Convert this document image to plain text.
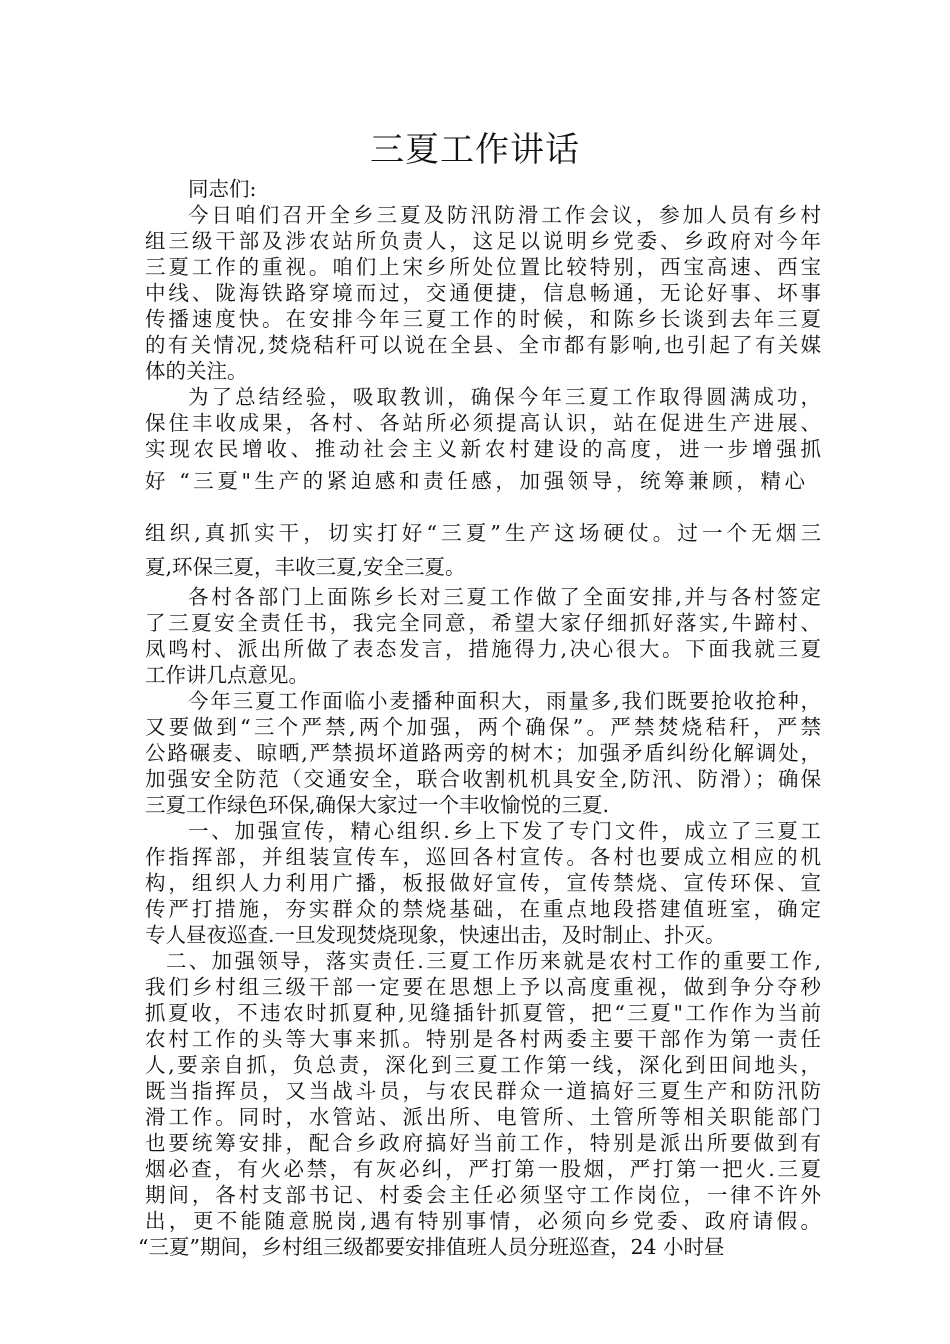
三夏工作讲话
同志们:
今日咱们召开全乡三夏及防汛防滑工作会议，参加人员有乡村
组三级干部及涉农站所负责人，这足以说明乡党委、乡政府对今年
三夏工作的重视。咱们上宋乡所处位置比较特别，西宝高速、西宝
中线、陇海铁路穿境而过，交通便捷，信息畅通，无论好事、坏事
传播速度快。在安排今年三夏工作的时候，和陈乡长谈到去年三夏
的有关情况,焚烧秸秆可以说在全县、全市都有影响,也引起了有关媒
体的关注。
为了总结经验，吸取教训，确保今年三夏工作取得圆满成功，
保住丰收成果，各村、各站所必须提高认识，站在促进生产进展、
实现农民增收、推动社会主义新农村建设的高度，进一步增强抓
好 “三夏"生产的紧迫感和责任感，加强领导，统筹兼顾，精心
组织,真抓实干，切实打好“三夏”生产这场硬仗。过一个无烟三
夏,环保三夏，丰收三夏,安全三夏。
各村各部门上面陈乡长对三夏工作做了全面安排,并与各村签定
了三夏安全责任书，我完全同意，希望大家仔细抓好落实,牛蹄村、
凤鸣村、派出所做了表态发言，措施得力,决心很大。下面我就三夏
工作讲几点意见。
今年三夏工作面临小麦播种面积大，雨量多,我们既要抢收抢种，
又要做到“三个严禁,两个加强，两个确保”。严禁焚烧秸秆，严禁
公路碾麦、晾晒,严禁损坏道路两旁的树木；加强矛盾纠纷化解调处，
加强安全防范（交通安全，联合收割机机具安全,防汛、防滑）；确保
三夏工作绿色环保,确保大家过一个丰收愉悦的三夏.
一、加强宣传，精心组织.乡上下发了专门文件，成立了三夏工
作指挥部，并组装宣传车，巡回各村宣传。各村也要成立相应的机
构，组织人力利用广播，板报做好宣传，宣传禁烧、宣传环保、宣
传严打措施，夯实群众的禁烧基础，在重点地段搭建值班室，确定
专人昼夜巡查.一旦发现焚烧现象，快速出击，及时制止、扑灭。
二、加强领导，落实责任.三夏工作历来就是农村工作的重要工作,
我们乡村组三级干部一定要在思想上予以高度重视，做到争分夺秒
抓夏收，不违农时抓夏种,见缝插针抓夏管，把“三夏"工作作为当前
农村工作的头等大事来抓。特别是各村两委主要干部作为第一责任
人,要亲自抓，负总责，深化到三夏工作第一线，深化到田间地头，
既当指挥员，又当战斗员，与农民群众一道搞好三夏生产和防汛防
滑工作。同时，水管站、派出所、电管所、土管所等相关职能部门
也要统筹安排，配合乡政府搞好当前工作，特别是派出所要做到有
烟必查，有火必禁，有灰必纠，严打第一股烟，严打第一把火.三夏
期间，各村支部书记、村委会主任必须坚守工作岗位，一律不许外
出，更不能随意脱岗,遇有特别事情，必须向乡党委、政府请假。
“三夏”期间，乡村组三级都要安排值班人员分班巡查，24 小时昼
